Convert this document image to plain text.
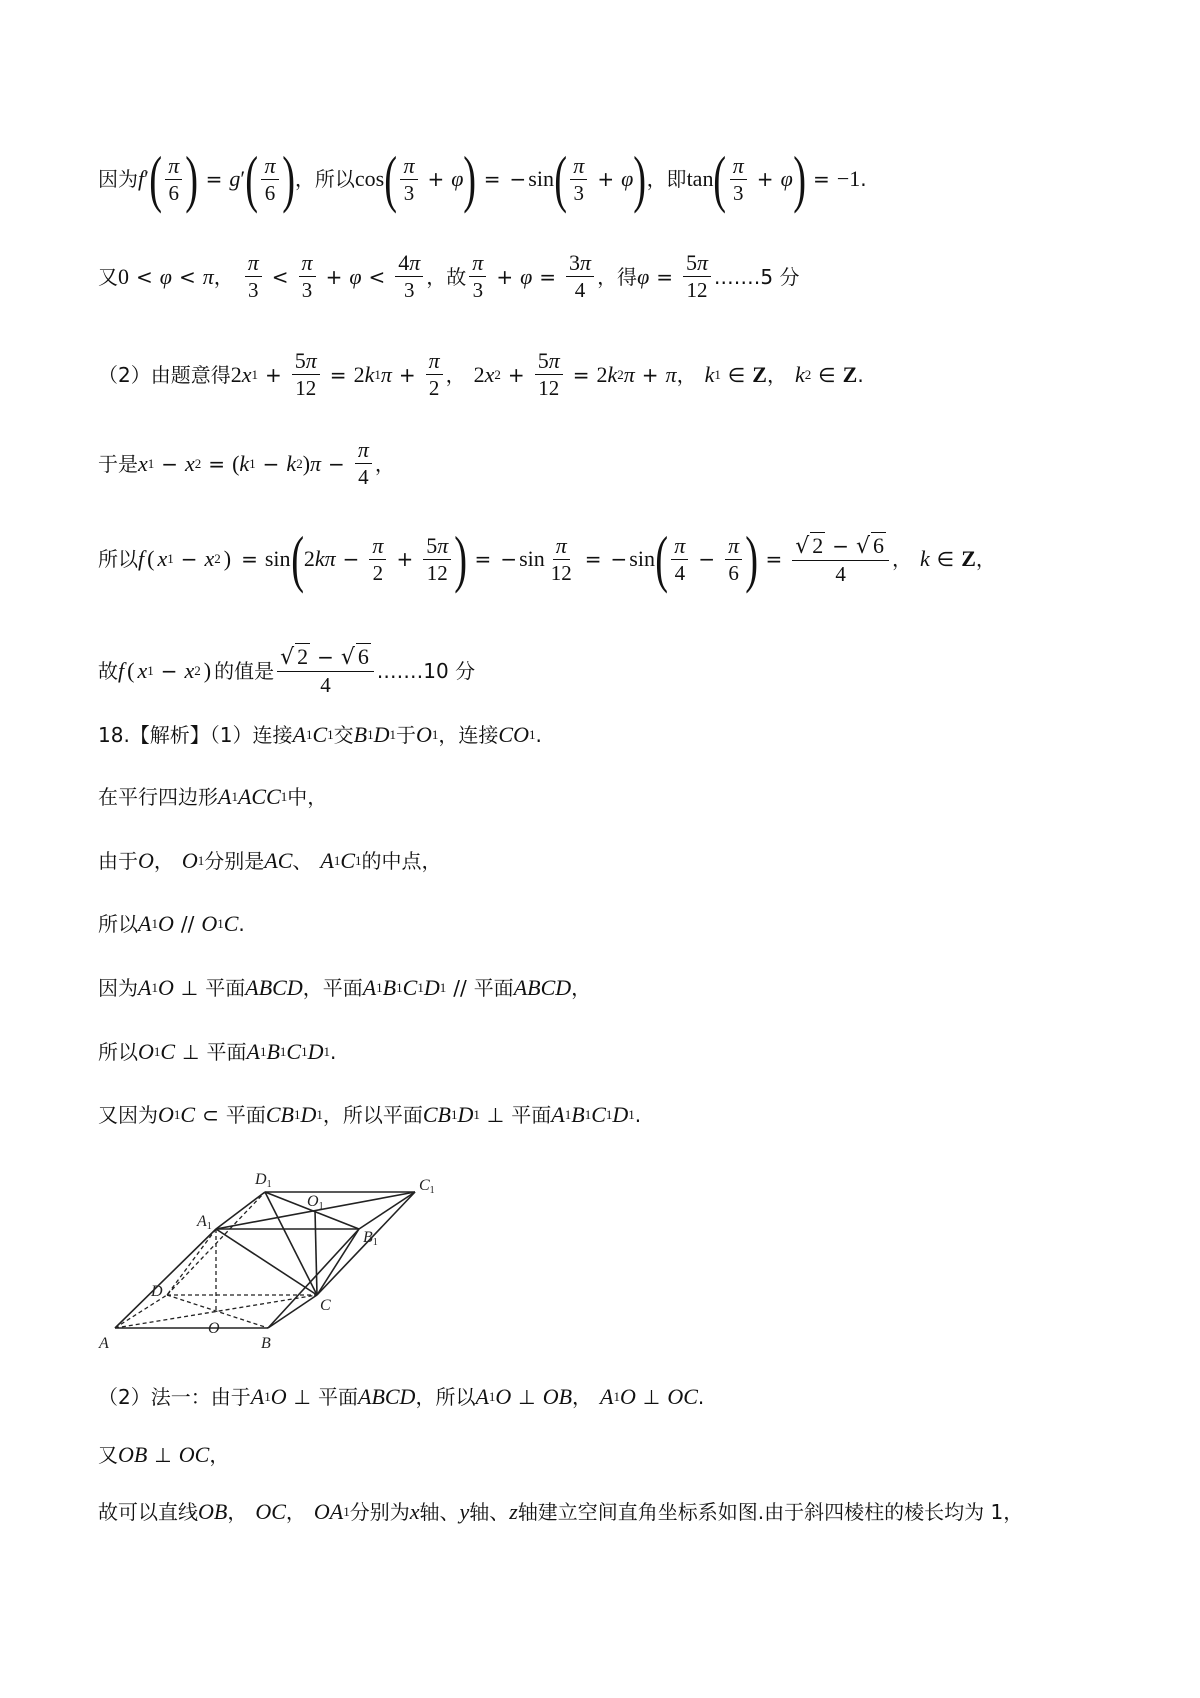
因为 f ′ ( $\frac{\pi}{6}$ ) = g ′ ( $\frac{\pi}{6}$ ) ，所以 cos ( $\frac{\pi}{3} + \varphi$ ) = − sin ( $\frac{\pi}{3} + \varphi$ ) ，即 tan ( $\frac{\pi}{3} + \varphi$ ) = −1 .
又 0 < φ < π ， $\frac{\pi}{3} < \frac{\pi}{3} + \varphi < \frac{4\pi}{3}$ ，故 $\frac{\pi}{3} + \varphi = \frac{3\pi}{4}$ ，得 $\varphi = \frac{5\pi}{12}$ .……5 分
（2）由题意得 2 x $1 + \frac{5\pi}{12} = 2$ k 1 $\pi + \frac{\pi}{2}$ ， 2 x $2 + \frac{5\pi}{12} = 2$ k 2 π + π ， k 1 ∈ Z ， k 2 ∈ Z .
于是 x 1 − x 2 = ( k 1 − k 2 ) $\pi - \frac{\pi}{4}$ ，
所以 f ( x 1 − x 2 ) = sin ( 2 $k\pi - \frac{\pi}{2} + \frac{5\pi}{12}$ ) = − $\sin \frac{\pi}{12}$ = − sin ( $\frac{\pi}{4} - \frac{\pi}{6}$ ) = $\frac{√ 2 - √ 6}{4}$ ， k ∈ Z ，
故 f ( x 1 − x 2 ) 的值是 $\frac{√ 2 - √ 6}{4}$ .……10 分
18.【解析】（1）连接 A 1 C 1 交 B 1 D 1 于 O 1 ，连接 CO 1 .
在平行四边形 A 1 ACC 1 中，
由于 O ， O 1 分别是 AC 、 A 1 C 1 的中点，
所以 A 1 O // O 1 C .
因为 A 1 O ⊥ 平面 ABCD ，平面 A 1 B 1 C 1 D 1 // 平面 ABCD ，
所以 O 1 C ⊥ 平面 A 1 B 1 C 1 D 1 .
又因为 O 1 C ⊂ 平面 CB 1 D 1 ，所以平面 CB 1 D 1 ⊥ 平面 A 1 B 1 C 1 D 1 .
A	B
C
D
O
A1
B1
C1
D1
O1
（2）法一：由于 A 1 O ⊥ 平面 ABCD ，所以 A 1 O ⊥ OB ， A 1 O ⊥ OC .
又 OB ⊥ OC ，
故可以直线 OB ， OC ， OA 1 分别为 x 轴、 y 轴、 z 轴建立空间直角坐标系如图.由于斜四棱柱的棱长均为 1，
